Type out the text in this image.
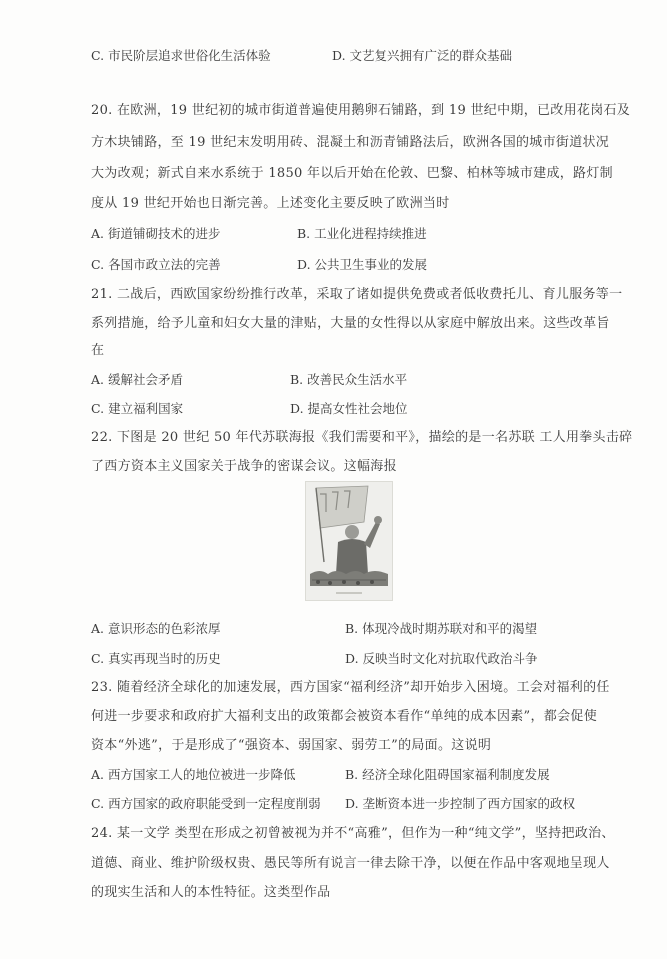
C. 市民阶层追求世俗化生活体验	D. 文艺复兴拥有广泛的群众基础
20. 在欧洲，19 世纪初的城市街道普遍使用鹅卵石铺路，到 19 世纪中期，已改用花岗石及
方木块铺路，至 19 世纪末发明用砖、混凝土和沥青铺路法后，欧洲各国的城市街道状况
大为改观；新式自来水系统于 1850 年以后开始在伦敦、巴黎、柏林等城市建成，路灯制
度从 19 世纪开始也日渐完善。上述变化主要反映了欧洲当时
A. 街道铺砌技术的进步	B. 工业化进程持续推进
C. 各国市政立法的完善	D. 公共卫生事业的发展
21. 二战后，西欧国家纷纷推行改革，采取了诸如提供免费或者低收费托儿、育儿服务等一
系列措施，给予儿童和妇女大量的津贴，大量的女性得以从家庭中解放出来。这些改革旨
在
A. 缓解社会矛盾	B. 改善民众生活水平
C. 建立福利国家	D. 提高女性社会地位
22. 下图是 20 世纪 50 年代苏联海报《我们需要和平》，描绘的是一名苏联 工人用拳头击碎
了西方资本主义国家关于战争的密谋会议。这幅海报
A. 意识形态的色彩浓厚	B. 体现冷战时期苏联对和平的渴望
C. 真实再现当时的历史	D. 反映当时文化对抗取代政治斗争
23. 随着经济全球化的加速发展，西方国家“福利经济”却开始步入困境。工会对福利的任
何进一步要求和政府扩大福利支出的政策都会被资本看作“单纯的成本因素”，都会促使
资本“外逃”，于是形成了“强资本、弱国家、弱劳工”的局面。这说明
A. 西方国家工人的地位被进一步降低	B. 经济全球化阻碍国家福利制度发展
C. 西方国家的政府职能受到一定程度削弱 D. 垄断资本进一步控制了西方国家的政权
24. 某一文学 类型在形成之初曾被视为并不“高雅”，但作为一种“纯文学”，坚持把政治、
道德、商业、维护阶级权贵、愚民等所有说言一律去除干净，以便在作品中客观地呈现人
的现实生活和人的本性特征。这类型作品
